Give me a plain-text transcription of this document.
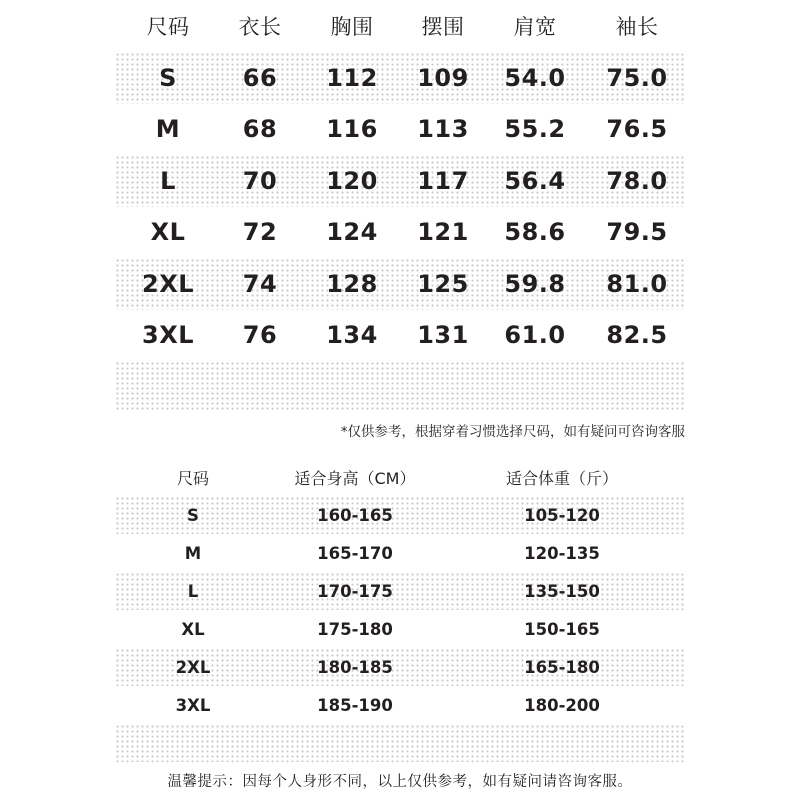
尺码	衣长	胸围	摆围	肩宽	袖长
S	66	112	109	54.0	75.0
M	68	116	113	55.2	76.5
L	70	120	117	56.4	78.0
XL	72	124	121	58.6	79.5
2XL	74	128	125	59.8	81.0
3XL	76	134	131	61.0	82.5
*仅供参考，根据穿着习惯选择尺码，如有疑问可咨询客服
尺码	适合身高（CM）	适合体重（斤）
S	160-165	105-120
M	165-170	120-135
L	170-175	135-150
XL	175-180	150-165
2XL	180-185	165-180
3XL	185-190	180-200
温馨提示：因每个人身形不同，以上仅供参考，如有疑问请咨询客服。
